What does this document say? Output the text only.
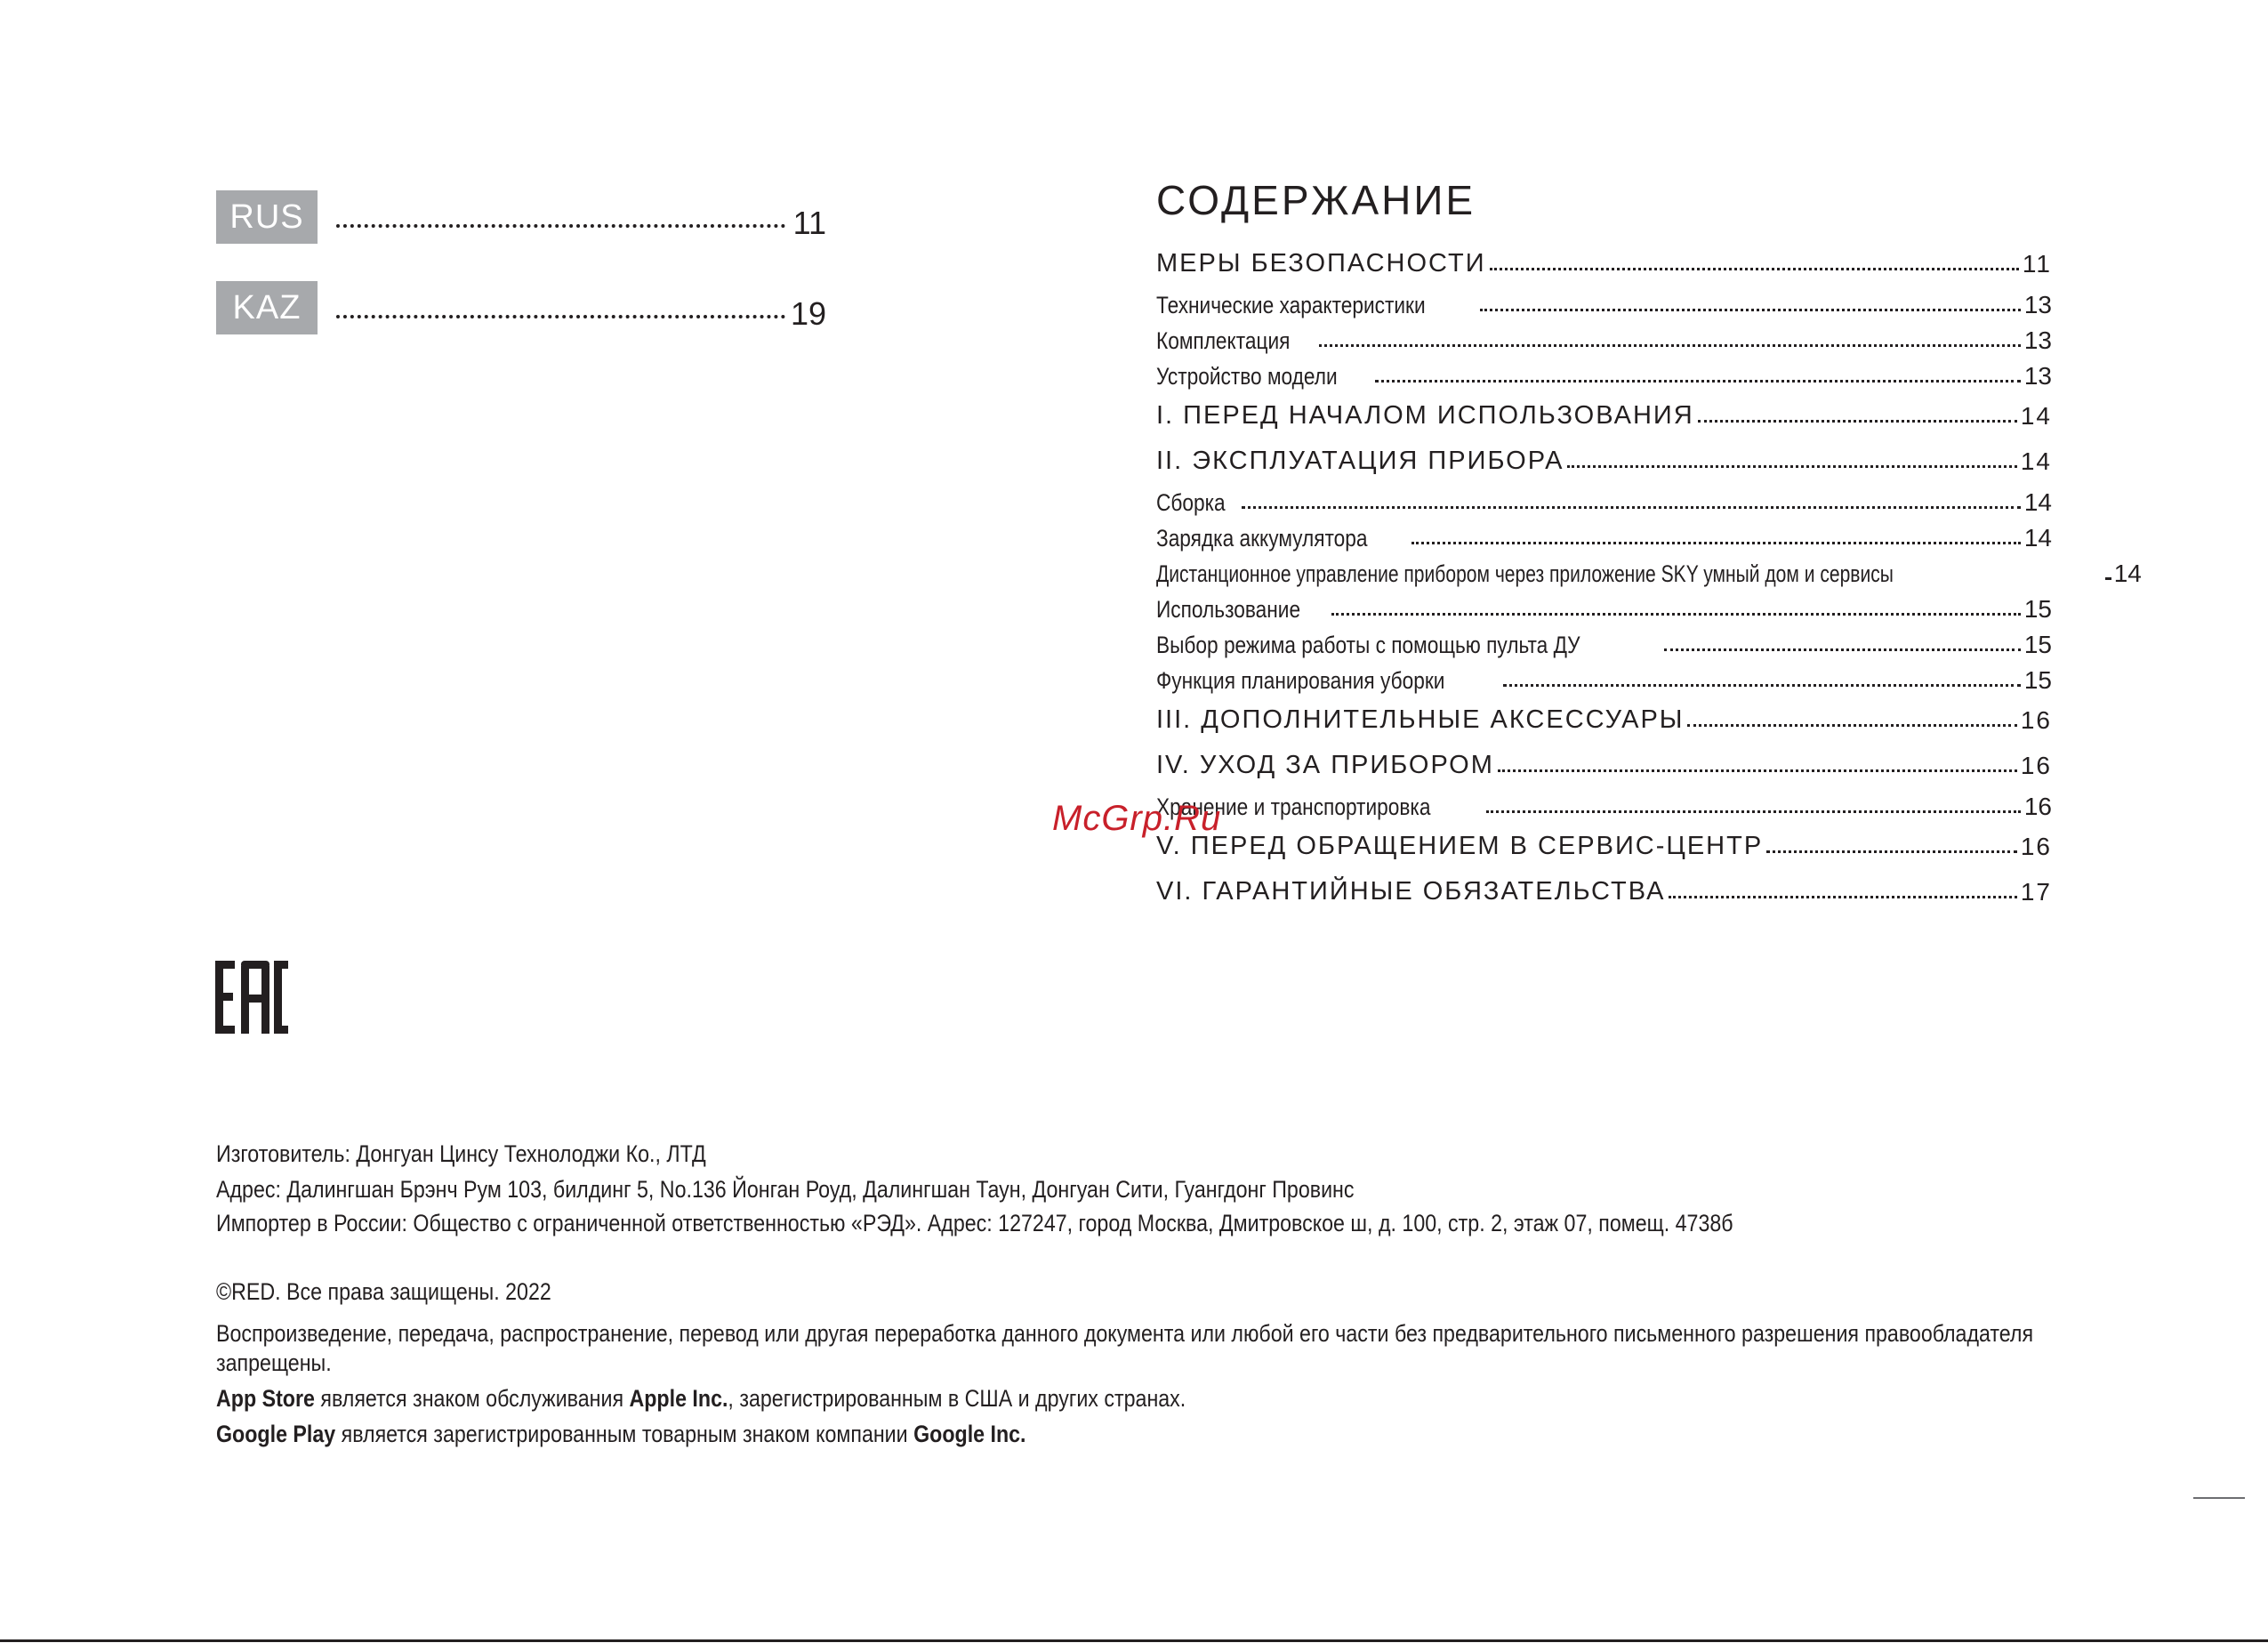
RUS	11
KAZ	19
СОДЕРЖАНИЕ
МЕРЫ БЕЗОПАСНОСТИ	11
Технические характеристики	13
Комплектация	13
Устройство модели	13
I. ПЕРЕД НАЧАЛОМ ИСПОЛЬЗОВАНИЯ	14
II. ЭКСПЛУАТАЦИЯ ПРИБОРА	14
Сборка	14
Зарядка аккумулятора	14
Дистанционное управление прибором через приложение SKY умный дом и сервисы	14
Использование	15
Выбор режима работы с помощью пульта ДУ	15
Функция планирования уборки	15
III. ДОПОЛНИТЕЛЬНЫЕ АКСЕССУАРЫ	16
IV. УХОД ЗА ПРИБОРОМ	16
Хранение и транспортировка	16
V. ПЕРЕД ОБРАЩЕНИЕМ В СЕРВИС-ЦЕНТР	16
VI. ГАРАНТИЙНЫЕ ОБЯЗАТЕЛЬСТВА	17
McGrp.Ru
Изготовитель: Донгуан Цинсу Технолоджи Ко., ЛТД
Адрес: Далингшан Брэнч Рум 103, билдинг 5, No.136 Йонган Роуд, Далингшан Таун, Донгуан Сити, Гуангдонг Провинс
Импортер в России: Общество с ограниченной ответственностью «РЭД». Адрес: 127247, город Москва, Дмитровское ш, д. 100, стр. 2, этаж 07, помещ. 4738б
©RED. Все права защищены. 2022
Воспроизведение, передача, распространение, перевод или другая переработка данного документа или любой его части без предварительного письменного разрешения правообладателя
запрещены.
App Store является знаком обслуживания Apple Inc., зарегистрированным в США и других странах.
Google Play является зарегистрированным товарным знаком компании Google Inc.
